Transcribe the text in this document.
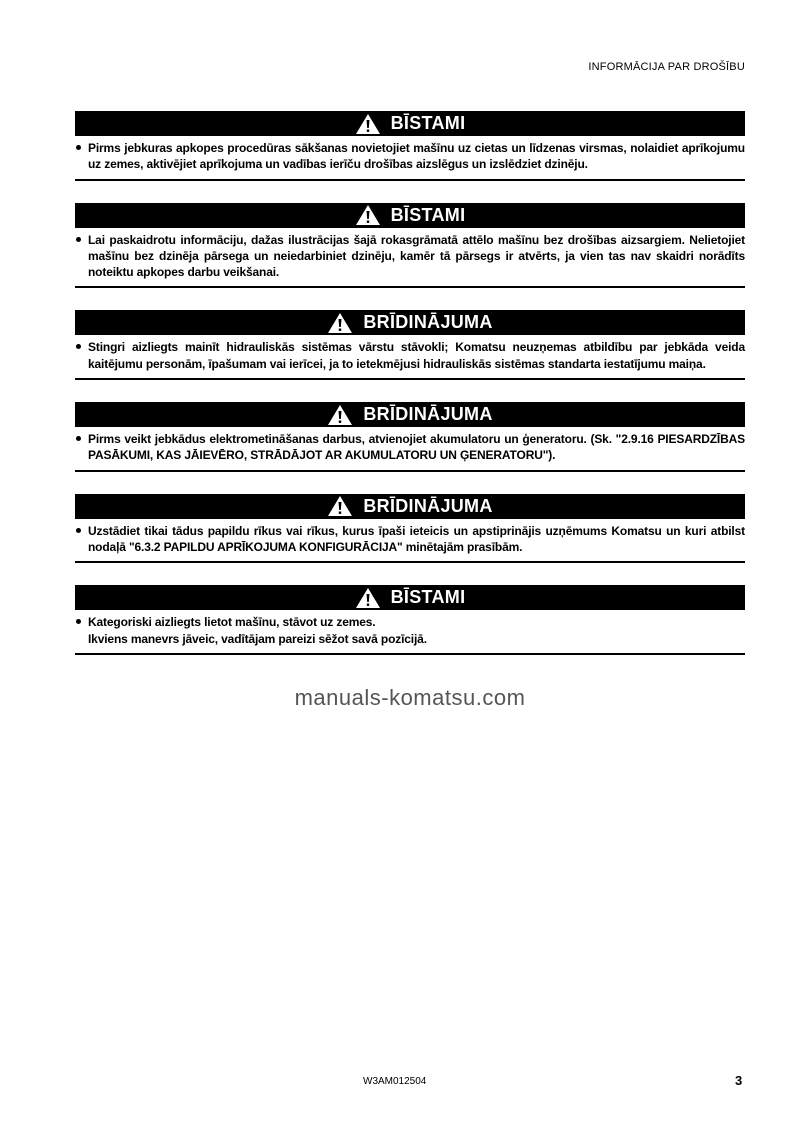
INFORMĀCIJA PAR DROŠĪBU
BĪSTAMI

Pirms jebkuras apkopes procedūras sākšanas novietojiet mašīnu uz cietas un līdzenas virsmas, nolaidiet aprīkojumu uz zemes, aktivējiet aprīkojuma un vadības ierīču drošības aizslēgus un izslēdziet dzinēju.

BĪSTAMI

Lai paskaidrotu informāciju, dažas ilustrācijas šajā rokasgrāmatā attēlo mašīnu bez drošības aizsargiem. Nelietojiet mašīnu bez dzinēja pārsega un neiedarbiniet dzinēju, kamēr tā pārsegs ir atvērts, ja vien tas nav skaidri norādīts noteiktu apkopes darbu veikšanai.

BRĪDINĀJUMA

Stingri aizliegts mainīt hidrauliskās sistēmas vārstu stāvokli; Komatsu neuzņemas atbildību par jebkāda veida kaitējumu personām, īpašumam vai ierīcei, ja to ietekmējusi hidrauliskās sistēmas standarta iestatījumu maiņa.

BRĪDINĀJUMA

Pirms veikt jebkādus elektrometināšanas darbus, atvienojiet akumulatoru un ģeneratoru. (Sk. "2.9.16 PIESARDZĪBAS PASĀKUMI, KAS JĀIEVĒRO, STRĀDĀJOT AR AKUMULATORU UN ĢENERATORU").

BRĪDINĀJUMA

Uzstādiet tikai tādus papildu rīkus vai rīkus, kurus īpaši ieteicis un apstiprinājis uzņēmums Komatsu un kuri atbilst nodaļā "6.3.2 PAPILDU APRĪKOJUMA KONFIGURĀCIJA" minētajām prasībām.

BĪSTAMI

Kategoriski aizliegts lietot mašīnu, stāvot uz zemes.

Ikviens manevrs jāveic, vadītājam pareizi sēžot savā pozīcijā.

manuals-komatsu.com
W3AM012504	3
